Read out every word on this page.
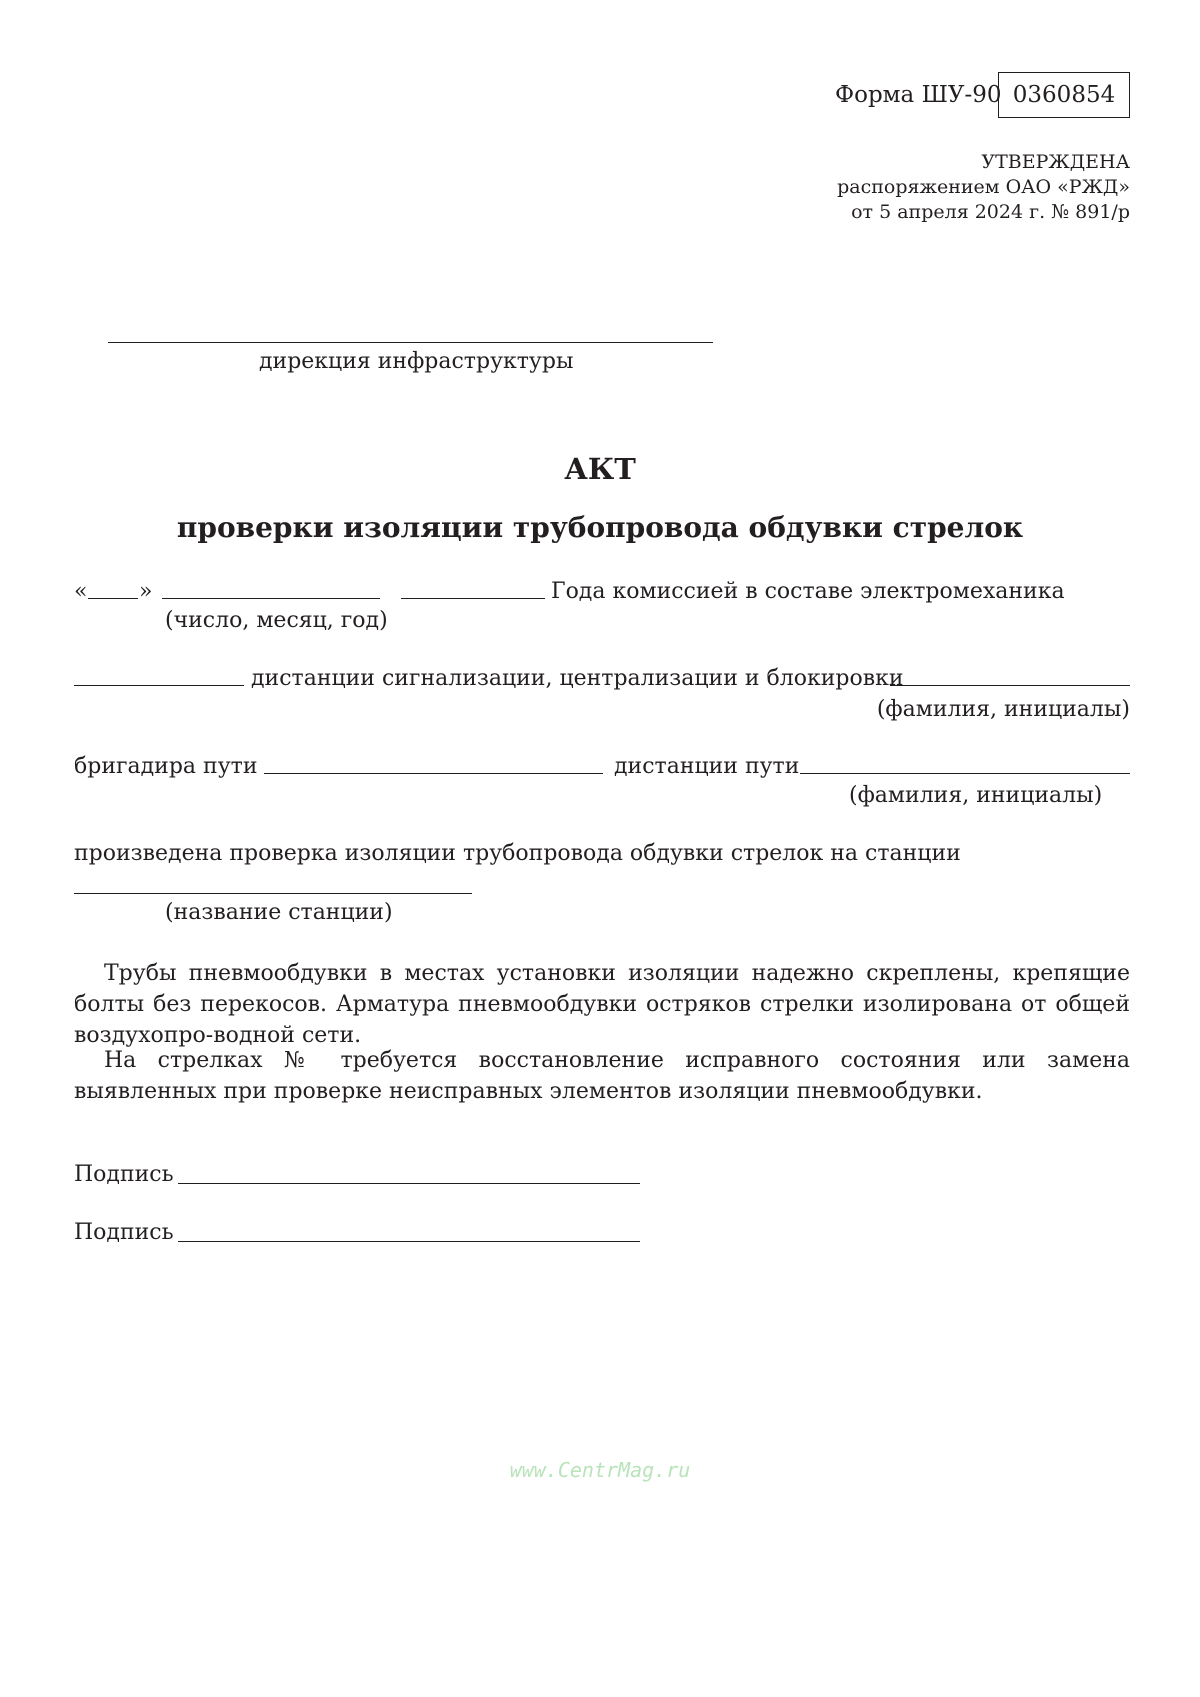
Форма ШУ-90 0360854
УТВЕРЖДЕНА
распоряжением ОАО «РЖД»
от 5 апреля 2024 г. № 891/р
дирекция инфраструктуры
АКТ
проверки изоляции трубопровода обдувки стрелок
« »	Года комиссией в составе электромеханика
(число, месяц, год)
дистанции сигнализации, централизации и блокировки
(фамилия, инициалы)
бригадира пути	дистанции пути
(фамилия, инициалы)
произведена проверка изоляции трубопровода обдувки стрелок на станции
(название станции)
Трубы пневмообдувки в местах установки изоляции надежно скреплены, крепящие болты без перекосов. Арматура пневмообдувки остряков стрелки изолирована от общей воздухопро-водной сети.
На стрелках № требуется восстановление исправного состояния или замена выявленных при проверке неисправных элементов изоляции пневмообдувки.
Подпись
Подпись
www.CentrMag.ru
